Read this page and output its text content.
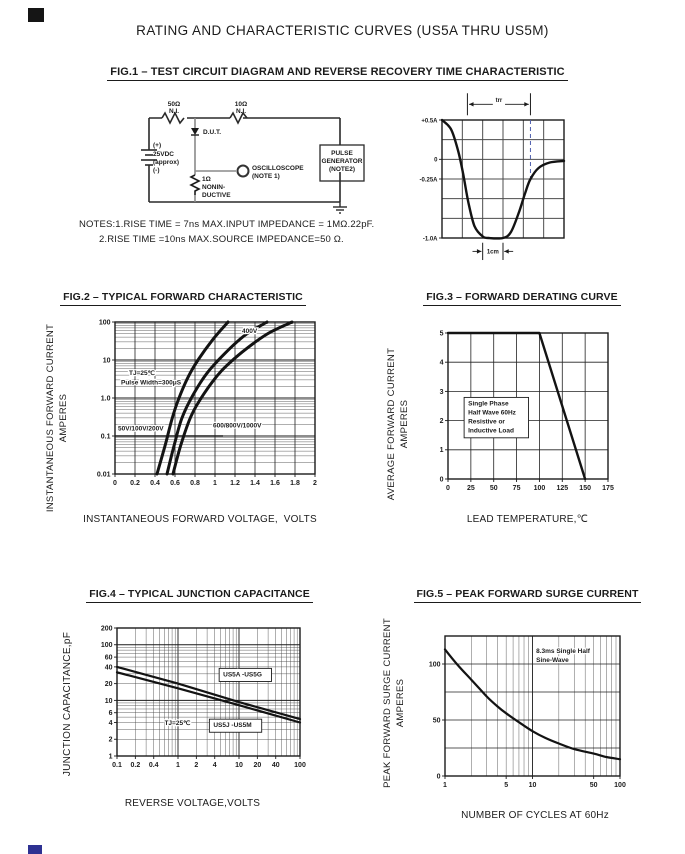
RATING AND CHARACTERISTIC CURVES (US5A THRU US5M)
FIG.1 – TEST CIRCUIT DIAGRAM AND REVERSE RECOVERY TIME CHARACTERISTIC
50Ω
N.I.
10Ω
N.I.
D.U.T.
(+)
25VDC
(approx)
(-)
1Ω
NONIN-
DUCTIVE
OSCILLOSCOPE
(NOTE 1)
PULSE
GENERATOR
(NOTE2)
+0.5A
0
-0.25A
-1.0A
trr
1cm
NOTES:1.RISE TIME = 7ns MAX.INPUT IMPEDANCE = 1MΩ.22pF.
2.RISE TIME =10ns MAX.SOURCE IMPEDANCE=50 Ω.
FIG.2 – TYPICAL FORWARD CHARACTERISTIC
0 0.2 0.4 0.6 0.8 1 1.2 1.4 1.6 1.8 2
100
10
1.0
0.1
0.01
TJ=25℃
Pulse Width=300μS
400V
50V/100V/200V	600/800V/1000V
INSTANTANEOUS FORWARD CURRENT AMPERES
INSTANTANEOUS FORWARD VOLTAGE,  VOLTS
FIG.3 – FORWARD DERATING CURVE
0 25 50 75 100 125 150 175
0
1
2
3
4
5
Single Phase Half Wave 60Hz Resistive or Inductive Load
AVERAGE FORWARD CURRENT AMPERES
LEAD TEMPERATURE,℃
FIG.4 – TYPICAL JUNCTION CAPACITANCE
0.1 0.2 0.4 1 2 4	10 20 40 100
200
100
60
40
20
10
6
4
2
1
US5A -US5G
US5J -US5M
TJ=25℃
JUNCTION CAPACITANCE,pF
REVERSE VOLTAGE,VOLTS
FIG.5 – PEAK FORWARD SURGE CURRENT
1	5	10	50 100
0
50
100
8.3ms Single Half Sine-Wave
PEAK FORWARD SURGE CURRENT AMPERES
NUMBER OF CYCLES AT 60Hz
